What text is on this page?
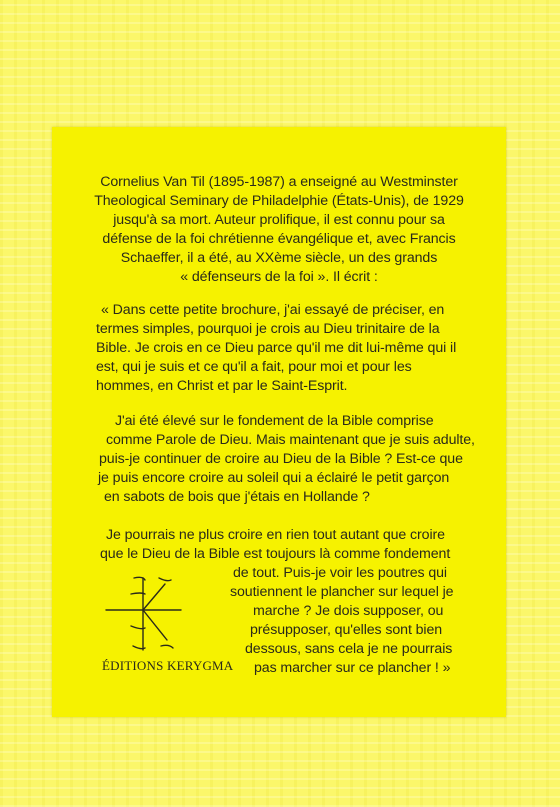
Cornelius Van Til (1895-1987) a enseigné au Westminster
Theological Seminary de Philadelphie (États-Unis), de 1929
jusqu'à sa mort. Auteur prolifique, il est connu pour sa
défense de la foi chrétienne évangélique et, avec Francis
Schaeffer, il a été, au XXème siècle, un des grands
« défenseurs de la foi ». Il écrit :
« Dans cette petite brochure, j'ai essayé de préciser, en
termes simples, pourquoi je crois au Dieu trinitaire de la
Bible. Je crois en ce Dieu parce qu'il me dit lui-même qui il
est, qui je suis et ce qu'il a fait, pour moi et pour les
hommes, en Christ et par le Saint-Esprit.
J'ai été élevé sur le fondement de la Bible comprise
comme Parole de Dieu. Mais maintenant que je suis adulte,
puis-je continuer de croire au Dieu de la Bible ? Est-ce que
je puis encore croire au soleil qui a éclairé le petit garçon
en sabots de bois que j'étais en Hollande ?
Je pourrais ne plus croire en rien tout autant que croire
que le Dieu de la Bible est toujours là comme fondement
de tout. Puis-je voir les poutres qui
soutiennent le plancher sur lequel je
marche ? Je dois supposer, ou
présupposer, qu'elles sont bien
dessous, sans cela je ne pourrais
pas marcher sur ce plancher ! »
ÉDITIONS KERYGMA
